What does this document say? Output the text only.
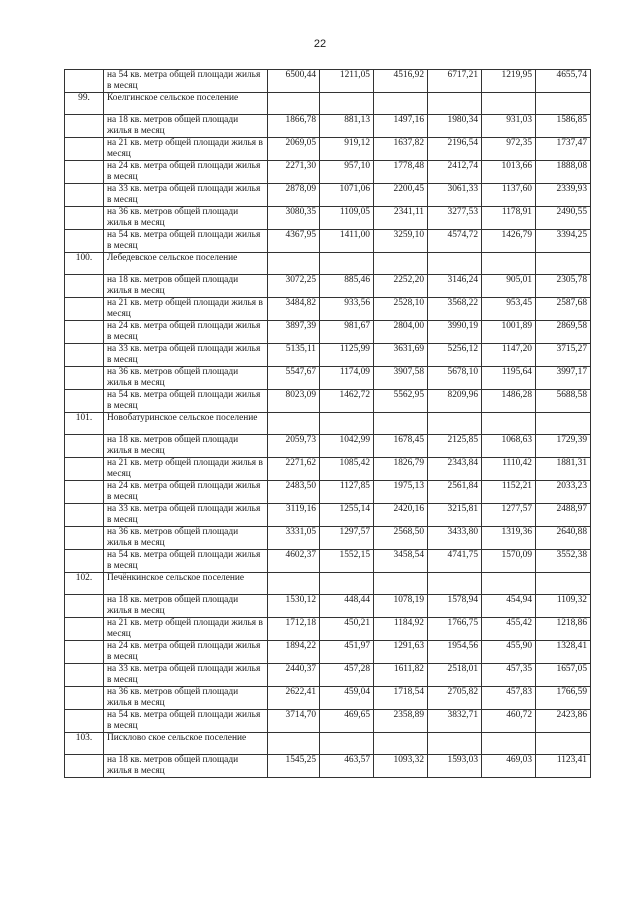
22
	на 54 кв. метра общей площади жилья в месяц	6500,44	1211,05	4516,92	6717,21	1219,95	4655,74
99.	Коелгинское сельское поселение						
	на 18 кв. метров общей площади жилья в месяц	1866,78	881,13	1497,16	1980,34	931,03	1586,85
	на 21 кв. метр общей площади жилья в месяц	2069,05	919,12	1637,82	2196,54	972,35	1737,47
	на 24 кв. метра общей площади жилья в месяц	2271,30	957,10	1778,48	2412,74	1013,66	1888,08
	на 33 кв. метра общей площади жилья в месяц	2878,09	1071,06	2200,45	3061,33	1137,60	2339,93
	на 36 кв. метров общей площади жилья в месяц	3080,35	1109,05	2341,11	3277,53	1178,91	2490,55
	на 54 кв. метра общей площади жилья в месяц	4367,95	1411,00	3259,10	4574,72	1426,79	3394,25
100.	Лебедевское сельское поселение						
	на 18 кв. метров общей площади жилья в месяц	3072,25	885,46	2252,20	3146,24	905,01	2305,78
	на 21 кв. метр общей площади жилья в месяц	3484,82	933,56	2528,10	3568,22	953,45	2587,68
	на 24 кв. метра общей площади жилья в месяц	3897,39	981,67	2804,00	3990,19	1001,89	2869,58
	на 33 кв. метра общей площади жилья в месяц	5135,11	1125,99	3631,69	5256,12	1147,20	3715,27
	на 36 кв. метров общей площади жилья в месяц	5547,67	1174,09	3907,58	5678,10	1195,64	3997,17
	на 54 кв. метра общей площади жилья в месяц	8023,09	1462,72	5562,95	8209,96	1486,28	5688,58
101.	Новобатуринское сельское поселение						
	на 18 кв. метров общей площади жилья в месяц	2059,73	1042,99	1678,45	2125,85	1068,63	1729,39
	на 21 кв. метр общей площади жилья в месяц	2271,62	1085,42	1826,79	2343,84	1110,42	1881,31
	на 24 кв. метра общей площади жилья в месяц	2483,50	1127,85	1975,13	2561,84	1152,21	2033,23
	на 33 кв. метра общей площади жилья в месяц	3119,16	1255,14	2420,16	3215,81	1277,57	2488,97
	на 36 кв. метров общей площади жилья в месяц	3331,05	1297,57	2568,50	3433,80	1319,36	2640,88
	на 54 кв. метра общей площади жилья в месяц	4602,37	1552,15	3458,54	4741,75	1570,09	3552,38
102.	Печёнкинское сельское поселение						
	на 18 кв. метров общей площади жилья в месяц	1530,12	448,44	1078,19	1578,94	454,94	1109,32
	на 21 кв. метр общей площади жилья в месяц	1712,18	450,21	1184,92	1766,75	455,42	1218,86
	на 24 кв. метра общей площади жилья в месяц	1894,22	451,97	1291,63	1954,56	455,90	1328,41
	на 33 кв. метра общей площади жилья в месяц	2440,37	457,28	1611,82	2518,01	457,35	1657,05
	на 36 кв. метров общей площади жилья в месяц	2622,41	459,04	1718,54	2705,82	457,83	1766,59
	на 54 кв. метра общей площади жилья в месяц	3714,70	469,65	2358,89	3832,71	460,72	2423,86
103.	Писклово ское сельское поселение						
	на 18 кв. метров общей площади жилья в месяц	1545,25	463,57	1093,32	1593,03	469,03	1123,41
